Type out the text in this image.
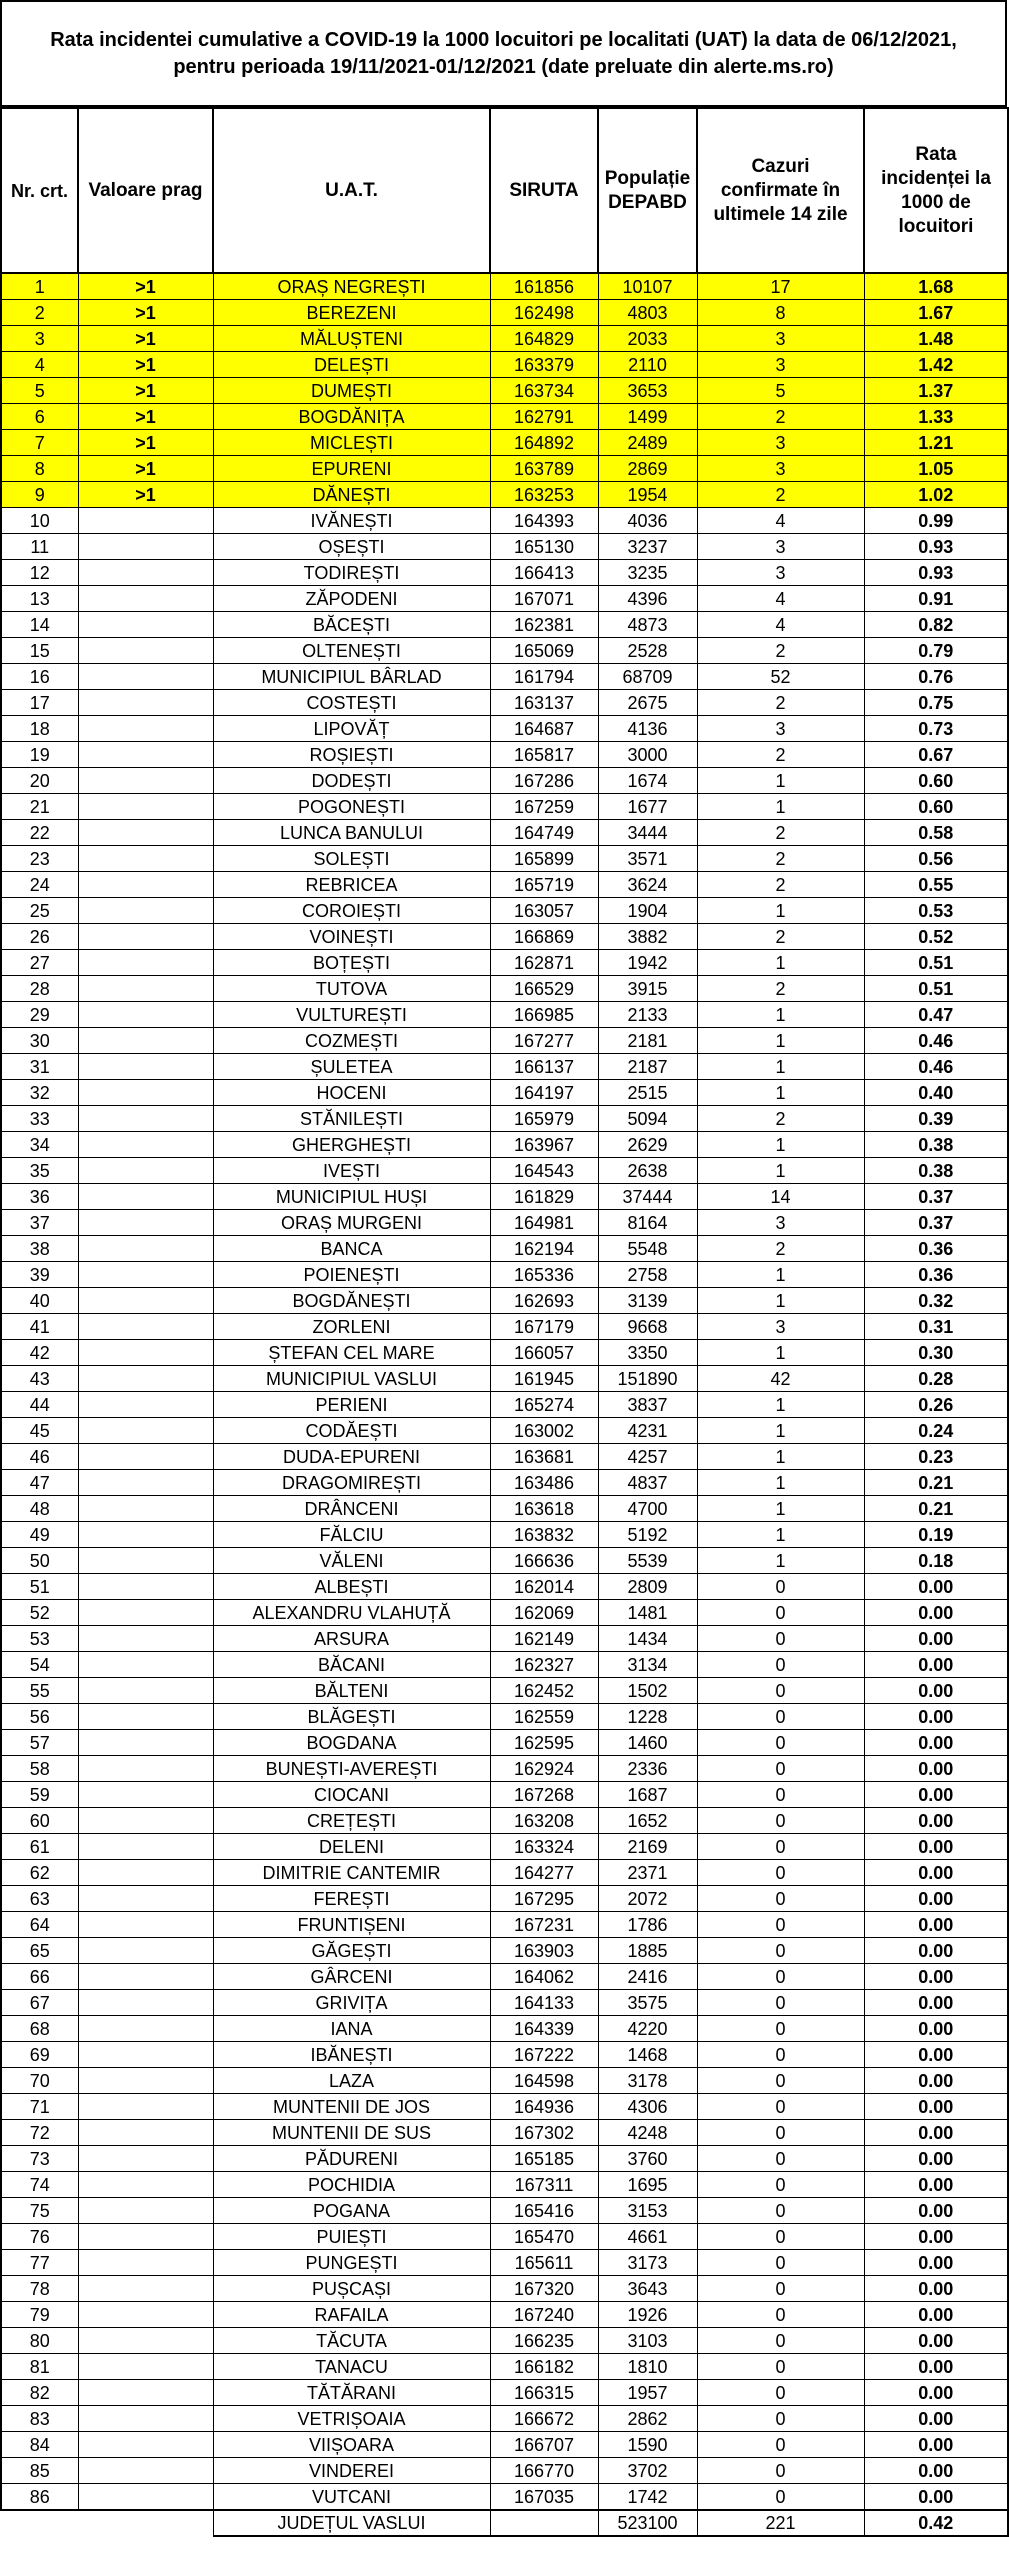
Rata incidentei cumulative a COVID-19 la 1000 locuitori pe localitati (UAT) la data de 06/12/2021,
pentru perioada 19/11/2021-01/12/2021 (date preluate din alerte.ms.ro)
Nr. crt.	Valoare prag	U.A.T.	SIRUTA	Populație DEPABD	Cazuri confirmate în ultimele 14 zile	Rata incidenței la 1000 de locuitori
1	>1	ORAȘ NEGREȘTI	161856	10107	17	1.68
2	>1	BEREZENI	162498	4803	8	1.67
3	>1	MĂLUȘTENI	164829	2033	3	1.48
4	>1	DELEȘTI	163379	2110	3	1.42
5	>1	DUMEȘTI	163734	3653	5	1.37
6	>1	BOGDĂNIȚA	162791	1499	2	1.33
7	>1	MICLEȘTI	164892	2489	3	1.21
8	>1	EPURENI	163789	2869	3	1.05
9	>1	DĂNEȘTI	163253	1954	2	1.02
10		IVĂNEȘTI	164393	4036	4	0.99
11		OȘEȘTI	165130	3237	3	0.93
12		TODIREȘTI	166413	3235	3	0.93
13		ZĂPODENI	167071	4396	4	0.91
14		BĂCEȘTI	162381	4873	4	0.82
15		OLTENEȘTI	165069	2528	2	0.79
16		MUNICIPIUL BÂRLAD	161794	68709	52	0.76
17		COSTEȘTI	163137	2675	2	0.75
18		LIPOVĂȚ	164687	4136	3	0.73
19		ROȘIEȘTI	165817	3000	2	0.67
20		DODEȘTI	167286	1674	1	0.60
21		POGONEȘTI	167259	1677	1	0.60
22		LUNCA BANULUI	164749	3444	2	0.58
23		SOLEȘTI	165899	3571	2	0.56
24		REBRICEA	165719	3624	2	0.55
25		COROIEȘTI	163057	1904	1	0.53
26		VOINEȘTI	166869	3882	2	0.52
27		BOȚEȘTI	162871	1942	1	0.51
28		TUTOVA	166529	3915	2	0.51
29		VULTUREȘTI	166985	2133	1	0.47
30		COZMEȘTI	167277	2181	1	0.46
31		ȘULETEA	166137	2187	1	0.46
32		HOCENI	164197	2515	1	0.40
33		STĂNILEȘTI	165979	5094	2	0.39
34		GHERGHEȘTI	163967	2629	1	0.38
35		IVEȘTI	164543	2638	1	0.38
36		MUNICIPIUL HUȘI	161829	37444	14	0.37
37		ORAȘ MURGENI	164981	8164	3	0.37
38		BANCA	162194	5548	2	0.36
39		POIENEȘTI	165336	2758	1	0.36
40		BOGDĂNEȘTI	162693	3139	1	0.32
41		ZORLENI	167179	9668	3	0.31
42		ȘTEFAN CEL MARE	166057	3350	1	0.30
43		MUNICIPIUL VASLUI	161945	151890	42	0.28
44		PERIENI	165274	3837	1	0.26
45		CODĂEȘTI	163002	4231	1	0.24
46		DUDA-EPURENI	163681	4257	1	0.23
47		DRAGOMIREȘTI	163486	4837	1	0.21
48		DRÂNCENI	163618	4700	1	0.21
49		FĂLCIU	163832	5192	1	0.19
50		VĂLENI	166636	5539	1	0.18
51		ALBEȘTI	162014	2809	0	0.00
52		ALEXANDRU VLAHUȚĂ	162069	1481	0	0.00
53		ARSURA	162149	1434	0	0.00
54		BĂCANI	162327	3134	0	0.00
55		BĂLTENI	162452	1502	0	0.00
56		BLĂGEȘTI	162559	1228	0	0.00
57		BOGDANA	162595	1460	0	0.00
58		BUNEȘTI-AVEREȘTI	162924	2336	0	0.00
59		CIOCANI	167268	1687	0	0.00
60		CREȚEȘTI	163208	1652	0	0.00
61		DELENI	163324	2169	0	0.00
62		DIMITRIE CANTEMIR	164277	2371	0	0.00
63		FEREȘTI	167295	2072	0	0.00
64		FRUNTIȘENI	167231	1786	0	0.00
65		GĂGEȘTI	163903	1885	0	0.00
66		GÂRCENI	164062	2416	0	0.00
67		GRIVIȚA	164133	3575	0	0.00
68		IANA	164339	4220	0	0.00
69		IBĂNEȘTI	167222	1468	0	0.00
70		LAZA	164598	3178	0	0.00
71		MUNTENII DE JOS	164936	4306	0	0.00
72		MUNTENII DE SUS	167302	4248	0	0.00
73		PĂDURENI	165185	3760	0	0.00
74		POCHIDIA	167311	1695	0	0.00
75		POGANA	165416	3153	0	0.00
76		PUIEȘTI	165470	4661	0	0.00
77		PUNGEȘTI	165611	3173	0	0.00
78		PUȘCAȘI	167320	3643	0	0.00
79		RAFAILA	167240	1926	0	0.00
80		TĂCUTA	166235	3103	0	0.00
81		TANACU	166182	1810	0	0.00
82		TĂTĂRANI	166315	1957	0	0.00
83		VETRIȘOAIA	166672	2862	0	0.00
84		VIIȘOARA	166707	1590	0	0.00
85		VINDEREI	166770	3702	0	0.00
86		VUTCANI	167035	1742	0	0.00
		JUDEȚUL VASLUI		523100	221	0.42
